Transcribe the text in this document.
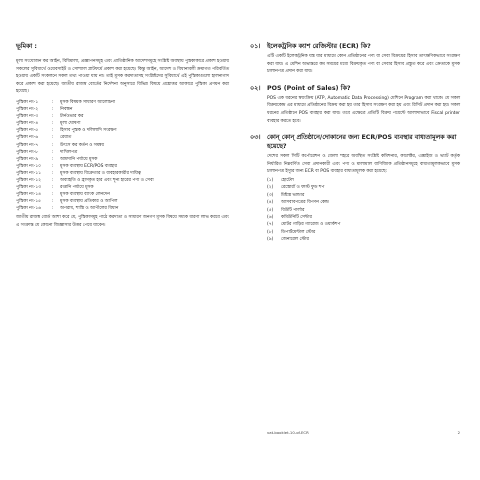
ভূমিকা :

মূল্য সংযোজন কর আইন, বিধিমালা, প্রজ্ঞাপনসমূহ এবং প্রাতিষ্ঠানিক আদেশসমূহে সংশ্লিষ্ট অবস্থায় পুস্তকাকারে প্রকাশ হওয়ায় সকলের সুবিধার্থে ওয়েবসাইট ও সোশ্যাল প্লাটফর্মে প্রকাশ করা হয়েছে। কিন্তু আইন, আদেশ ও বিধানাবলী ক্রমাগত পরিবর্তিত হওয়ায় একটি সংকলনে সকল তথ্য পাওয়া যায় না। তাই মূসক করদাতাসহ সংশ্লিষ্টদের সুবিধার্থে এই পুস্তিকাগুলো হালনাগাদ করে প্রকাশ করা হয়েছে। জাতীয় রাজস্ব বোর্ডের নির্দেশনা অনুসারে বিভিন্ন বিষয়ে প্রশ্নোত্তর আকারে পুস্তিকা প্রণয়ন করা হয়েছে।

পুস্তিকা নং-১	:	মূসক বিষয়ক সাধারণ আলোচনা
পুস্তিকা নং-২	:	নিবন্ধন
পুস্তিকা নং-৩	:	টার্নওভার কর
পুস্তিকা নং-৪	:	মূল্য ঘোষণা
পুস্তিকা নং-৫	:	হিসাব পুস্তক ও দলিলাদি সংরক্ষণ
পুস্তিকা নং-৬	:	রেয়াত
পুস্তিকা নং-৭	:	উৎসে কর কর্তন ও সমন্বয়
পুস্তিকা নং-৮	:	দাখিলপত্র
পুস্তিকা নং-৯	:	আমদানি পর্যায়ে মূসক
পুস্তিকা নং-১০	:	মূসক ব্যবস্থায় ECR/POS ব্যবহার
পুস্তিকা নং-১১	:	মূসক ব্যবস্থায় বিক্রেতার ও ব্যবহারকারীর দায়িত্ব
পুস্তিকা নং-১২	:	অব্যাহতি ও হ্রাসকৃত হার এবং শূন্য হারের পণ্য ও সেবা
পুস্তিকা নং-১৩	:	রপ্তানি পর্যায়ে মূসক
পুস্তিকা নং-১৪	:	মূসক ব্যবস্থায় ব্যাংক লেনদেন
পুস্তিকা নং-১৫	:	মূসক ব্যবস্থায় প্রতিকার ও আপিল
পুস্তিকা নং-১৬	:	অপরাধ, শাস্তি ও আপীলের বিধান

জাতীয় রাজস্ব বোর্ড আশা করে যে, পুস্তিকাসমূহ পাঠে করদাতা ও সাধারণ জনগণ মূসক বিষয়ে সম্যক ধারণা লাভ করবে এবং এ সংক্রান্ত যে কোনো জিজ্ঞাসার উত্তর পেয়ে যাবেন।

০১।	ইলেকট্রনিক ক্যাশ রেজিস্টার (ECR) কি?

এটি একটি ইলেকট্রনিক যন্ত্র যার মাধ্যমে কোন প্রতিষ্ঠানের পণ্য বা সেবা বিক্রয়ের হিসাব তাৎক্ষণিকভাবে সংরক্ষণ করা যায়। এ মেশিন অভ্যন্তরে কম সময়ের মধ্যে বিক্রয়কৃত পণ্য বা সেবার হিসাব প্রস্তুত করে এবং ক্রেতাকে মূসক চালানপত্র প্রদান করা যায়।

০২।	POS (Point of Sales) কি?

POS এক ধরনের স্বয়ংক্রিয় (ATP, Automatic Data Processing) মেশিনে Program করা থাকে। যে সকল বিক্রয়কেন্দ্র এর মাধ্যমে প্রতিষ্ঠানের বিক্রয় করা হয় তার হিসাব সংরক্ষণ করা হয় এবং রিসিট প্রদান করা হয়। সকল ধরনের প্রতিষ্ঠানে POS ব্যবহার করা যায়। তবে এক্ষেত্রে প্রতিটি বিক্রয় পয়েন্টে আলাদাভাবে Fiscal printer ব্যবহার করতে হবে।

০৩।	কোন্ কোন্ প্রতিষ্ঠানে/দোকানের জন্য ECR/POS ব্যবস্থার বাধ্যতামূলক করা হয়েছে?

দেশের সকল সিটি কর্পোরেশন ও জেলা শহরে অবস্থিত সংশ্লিষ্ট কমিশনার, কালেক্টর, এক্সাইজ ও ভ্যাট কর্তৃক নির্ধারিত নিম্নবর্ণিত সেবা প্রদানকারী এবং পণ্য ও মালামাল বাণিজ্যিক প্রতিষ্ঠানসমূহে বাধ্যতামূলকভাবে মূসক চালানপত্র ইস্যুর জন্য ECR বা POS ব্যবহার বাধ্যতামূলক করা হয়েছে:

(১)	হোটেল
(২)	রেস্তোরাঁ ও ফাস্ট ফুড শপ
(৩)	মিষ্টান্ন ভান্ডার
(৪)	আসবাবপত্রের বিপণন কেন্দ্র
(৫)	বিউটি পার্লার
(৬)	কমিউনিটি সেন্টার
(৭)	মোটর গাড়ির গ্যারেজ ও ওয়ার্কশপ
(৮)	ডিপার্টমেন্টাল স্টোর
(৯)	জেনারেল স্টোর
vat-booklet-10-of-ECR	2
